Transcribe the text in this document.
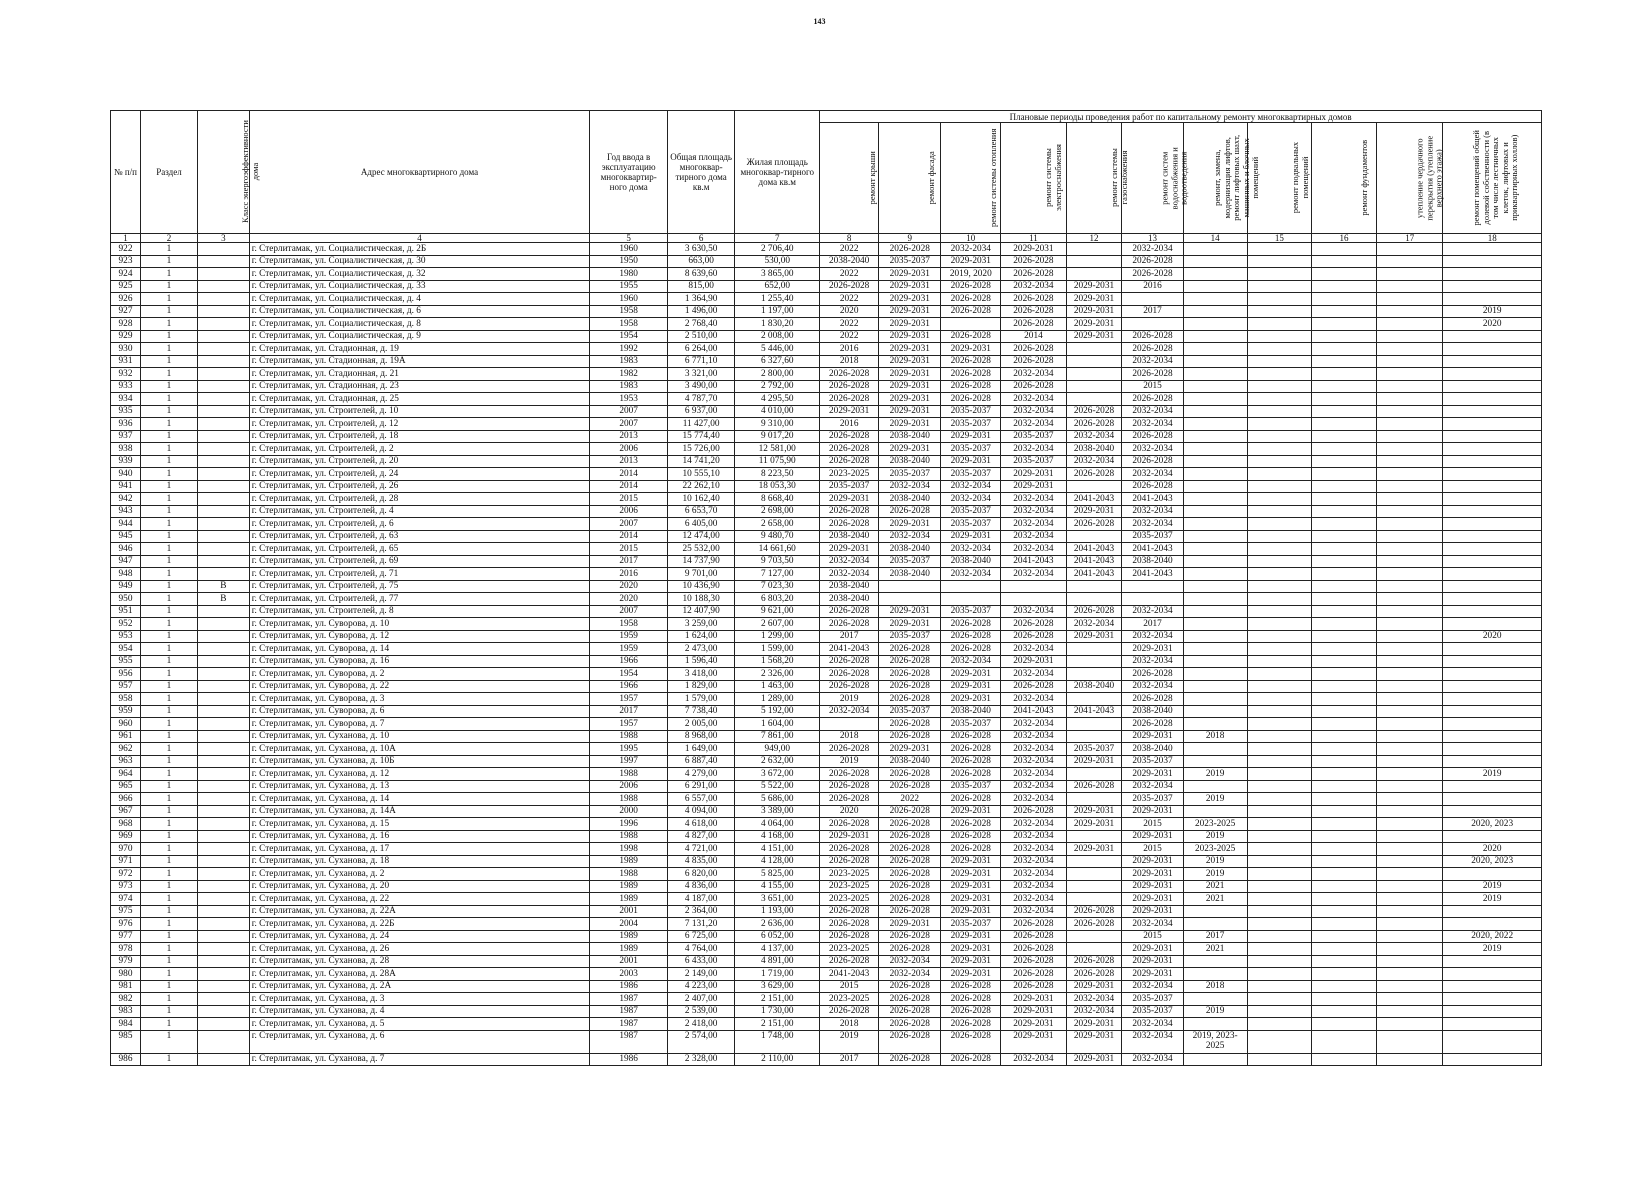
143
№ п/п	Раздел	Класс энергоэффективности дома	Адрес многоквартирного дома	Год ввода в эксплуатацию многоквартир-ного дома	Общая площадь многоквар-тирного дома кв.м	Жилая площадь многоквар-тирного дома кв.м	Плановые периоды проведения работ по капитальному ремонту многоквартирных домов										
							ремонт крыши	ремонт фасада	ремонт системы отопления	ремонт системы электроснабжения	ремонт системы газоснабжения	ремонт систем водоснабжения и водоотведения	ремонт, замена, модернизация лифтов, ремонт лифтовых шахт, машинных и блочных помещений	ремонт подвальных помещений	ремонт фундаментов	утепление чердачного перекрытия (утепление верхнего этажа)	ремонт помещений общей долевой собственности (в том числе лестничных клеток, лифтовых и приквартирных холлов)
1	2	3	4	5	6	7	8	9	10	11	12	13	14	15	16	17	18
922	1		г. Стерлитамак, ул. Социалистическая, д. 2Б	1960	3 630,50	2 706,40	2022	2026-2028	2032-2034	2029-2031		2032-2034					
923	1		г. Стерлитамак, ул. Социалистическая, д. 30	1950	663,00	530,00	2038-2040	2035-2037	2029-2031	2026-2028		2026-2028					
924	1		г. Стерлитамак, ул. Социалистическая, д. 32	1980	8 639,60	3 865,00	2022	2029-2031	2019, 2020	2026-2028		2026-2028					
925	1		г. Стерлитамак, ул. Социалистическая, д. 33	1955	815,00	652,00	2026-2028	2029-2031	2026-2028	2032-2034	2029-2031	2016					
926	1		г. Стерлитамак, ул. Социалистическая, д. 4	1960	1 364,90	1 255,40	2022	2029-2031	2026-2028	2026-2028	2029-2031						
927	1		г. Стерлитамак, ул. Социалистическая, д. 6	1958	1 496,00	1 197,00	2020	2029-2031	2026-2028	2026-2028	2029-2031	2017					2019
928	1		г. Стерлитамак, ул. Социалистическая, д. 8	1958	2 768,40	1 830,20	2022	2029-2031		2026-2028	2029-2031						2020
929	1		г. Стерлитамак, ул. Социалистическая, д. 9	1954	2 510,00	2 008,00	2022	2029-2031	2026-2028	2014	2029-2031	2026-2028					
930	1		г. Стерлитамак, ул. Стадионная, д. 19	1992	6 264,00	5 446,00	2016	2029-2031	2029-2031	2026-2028		2026-2028					
931	1		г. Стерлитамак, ул. Стадионная, д. 19А	1983	6 771,10	6 327,60	2018	2029-2031	2026-2028	2026-2028		2032-2034					
932	1		г. Стерлитамак, ул. Стадионная, д. 21	1982	3 321,00	2 800,00	2026-2028	2029-2031	2026-2028	2032-2034		2026-2028					
933	1		г. Стерлитамак, ул. Стадионная, д. 23	1983	3 490,00	2 792,00	2026-2028	2029-2031	2026-2028	2026-2028		2015					
934	1		г. Стерлитамак, ул. Стадионная, д. 25	1953	4 787,70	4 295,50	2026-2028	2029-2031	2026-2028	2032-2034		2026-2028					
935	1		г. Стерлитамак, ул. Строителей, д. 10	2007	6 937,00	4 010,00	2029-2031	2029-2031	2035-2037	2032-2034	2026-2028	2032-2034					
936	1		г. Стерлитамак, ул. Строителей, д. 12	2007	11 427,00	9 310,00	2016	2029-2031	2035-2037	2032-2034	2026-2028	2032-2034					
937	1		г. Стерлитамак, ул. Строителей, д. 18	2013	15 774,40	9 017,20	2026-2028	2038-2040	2029-2031	2035-2037	2032-2034	2026-2028					
938	1		г. Стерлитамак, ул. Строителей, д. 2	2006	15 726,00	12 581,00	2026-2028	2029-2031	2035-2037	2032-2034	2038-2040	2032-2034					
939	1		г. Стерлитамак, ул. Строителей, д. 20	2013	14 741,20	11 075,90	2026-2028	2038-2040	2029-2031	2035-2037	2032-2034	2026-2028					
940	1		г. Стерлитамак, ул. Строителей, д. 24	2014	10 555,10	8 223,50	2023-2025	2035-2037	2035-2037	2029-2031	2026-2028	2032-2034					
941	1		г. Стерлитамак, ул. Строителей, д. 26	2014	22 262,10	18 053,30	2035-2037	2032-2034	2032-2034	2029-2031		2026-2028					
942	1		г. Стерлитамак, ул. Строителей, д. 28	2015	10 162,40	8 668,40	2029-2031	2038-2040	2032-2034	2032-2034	2041-2043	2041-2043					
943	1		г. Стерлитамак, ул. Строителей, д. 4	2006	6 653,70	2 698,00	2026-2028	2026-2028	2035-2037	2032-2034	2029-2031	2032-2034					
944	1		г. Стерлитамак, ул. Строителей, д. 6	2007	6 405,00	2 658,00	2026-2028	2029-2031	2035-2037	2032-2034	2026-2028	2032-2034					
945	1		г. Стерлитамак, ул. Строителей, д. 63	2014	12 474,00	9 480,70	2038-2040	2032-2034	2029-2031	2032-2034		2035-2037					
946	1		г. Стерлитамак, ул. Строителей, д. 65	2015	25 532,00	14 661,60	2029-2031	2038-2040	2032-2034	2032-2034	2041-2043	2041-2043					
947	1		г. Стерлитамак, ул. Строителей, д. 69	2017	14 737,90	9 703,50	2032-2034	2035-2037	2038-2040	2041-2043	2041-2043	2038-2040					
948	1		г. Стерлитамак, ул. Строителей, д. 71	2016	9 701,00	7 127,00	2032-2034	2038-2040	2032-2034	2032-2034	2041-2043	2041-2043					
949	1	В	г. Стерлитамак, ул. Строителей, д. 75	2020	10 436,90	7 023,30	2038-2040										
950	1	В	г. Стерлитамак, ул. Строителей, д. 77	2020	10 188,30	6 803,20	2038-2040										
951	1		г. Стерлитамак, ул. Строителей, д. 8	2007	12 407,90	9 621,00	2026-2028	2029-2031	2035-2037	2032-2034	2026-2028	2032-2034					
952	1		г. Стерлитамак, ул. Суворова, д. 10	1958	3 259,00	2 607,00	2026-2028	2029-2031	2026-2028	2026-2028	2032-2034	2017					
953	1		г. Стерлитамак, ул. Суворова, д. 12	1959	1 624,00	1 299,00	2017	2035-2037	2026-2028	2026-2028	2029-2031	2032-2034					2020
954	1		г. Стерлитамак, ул. Суворова, д. 14	1959	2 473,00	1 599,00	2041-2043	2026-2028	2026-2028	2032-2034		2029-2031					
955	1		г. Стерлитамак, ул. Суворова, д. 16	1966	1 596,40	1 568,20	2026-2028	2026-2028	2032-2034	2029-2031		2032-2034					
956	1		г. Стерлитамак, ул. Суворова, д. 2	1954	3 418,00	2 326,00	2026-2028	2026-2028	2029-2031	2032-2034		2026-2028					
957	1		г. Стерлитамак, ул. Суворова, д. 22	1966	1 829,00	1 463,00	2026-2028	2026-2028	2029-2031	2026-2028	2038-2040	2032-2034					
958	1		г. Стерлитамак, ул. Суворова, д. 3	1957	1 579,00	1 289,00	2019	2026-2028	2029-2031	2032-2034		2026-2028					
959	1		г. Стерлитамак, ул. Суворова, д. 6	2017	7 738,40	5 192,00	2032-2034	2035-2037	2038-2040	2041-2043	2041-2043	2038-2040					
960	1		г. Стерлитамак, ул. Суворова, д. 7	1957	2 005,00	1 604,00		2026-2028	2035-2037	2032-2034		2026-2028					
961	1		г. Стерлитамак, ул. Суханова, д. 10	1988	8 968,00	7 861,00	2018	2026-2028	2026-2028	2032-2034		2029-2031	2018				
962	1		г. Стерлитамак, ул. Суханова, д. 10А	1995	1 649,00	949,00	2026-2028	2029-2031	2026-2028	2032-2034	2035-2037	2038-2040					
963	1		г. Стерлитамак, ул. Суханова, д. 10Б	1997	6 887,40	2 632,00	2019	2038-2040	2026-2028	2032-2034	2029-2031	2035-2037					
964	1		г. Стерлитамак, ул. Суханова, д. 12	1988	4 279,00	3 672,00	2026-2028	2026-2028	2026-2028	2032-2034		2029-2031	2019				2019
965	1		г. Стерлитамак, ул. Суханова, д. 13	2006	6 291,00	5 522,00	2026-2028	2026-2028	2035-2037	2032-2034	2026-2028	2032-2034					
966	1		г. Стерлитамак, ул. Суханова, д. 14	1988	6 557,00	5 686,00	2026-2028	2022	2026-2028	2032-2034		2035-2037	2019				
967	1		г. Стерлитамак, ул. Суханова, д. 14А	2000	4 094,00	3 389,00	2020	2026-2028	2029-2031	2026-2028	2029-2031	2029-2031					
968	1		г. Стерлитамак, ул. Суханова, д. 15	1996	4 618,00	4 064,00	2026-2028	2026-2028	2026-2028	2032-2034	2029-2031	2015	2023-2025				2020, 2023
969	1		г. Стерлитамак, ул. Суханова, д. 16	1988	4 827,00	4 168,00	2029-2031	2026-2028	2026-2028	2032-2034		2029-2031	2019				
970	1		г. Стерлитамак, ул. Суханова, д. 17	1998	4 721,00	4 151,00	2026-2028	2026-2028	2026-2028	2032-2034	2029-2031	2015	2023-2025				2020
971	1		г. Стерлитамак, ул. Суханова, д. 18	1989	4 835,00	4 128,00	2026-2028	2026-2028	2029-2031	2032-2034		2029-2031	2019				2020, 2023
972	1		г. Стерлитамак, ул. Суханова, д. 2	1988	6 820,00	5 825,00	2023-2025	2026-2028	2029-2031	2032-2034		2029-2031	2019				
973	1		г. Стерлитамак, ул. Суханова, д. 20	1989	4 836,00	4 155,00	2023-2025	2026-2028	2029-2031	2032-2034		2029-2031	2021				2019
974	1		г. Стерлитамак, ул. Суханова, д. 22	1989	4 187,00	3 651,00	2023-2025	2026-2028	2029-2031	2032-2034		2029-2031	2021				2019
975	1		г. Стерлитамак, ул. Суханова, д. 22А	2001	2 364,00	1 193,00	2026-2028	2026-2028	2029-2031	2032-2034	2026-2028	2029-2031					
976	1		г. Стерлитамак, ул. Суханова, д. 22Б	2004	7 131,20	2 636,00	2026-2028	2029-2031	2035-2037	2026-2028	2026-2028	2032-2034					
977	1		г. Стерлитамак, ул. Суханова, д. 24	1989	6 725,00	6 052,00	2026-2028	2026-2028	2029-2031	2026-2028		2015	2017				2020, 2022
978	1		г. Стерлитамак, ул. Суханова, д. 26	1989	4 764,00	4 137,00	2023-2025	2026-2028	2029-2031	2026-2028		2029-2031	2021				2019
979	1		г. Стерлитамак, ул. Суханова, д. 28	2001	6 433,00	4 891,00	2026-2028	2032-2034	2029-2031	2026-2028	2026-2028	2029-2031					
980	1		г. Стерлитамак, ул. Суханова, д. 28А	2003	2 149,00	1 719,00	2041-2043	2032-2034	2029-2031	2026-2028	2026-2028	2029-2031					
981	1		г. Стерлитамак, ул. Суханова, д. 2А	1986	4 223,00	3 629,00	2015	2026-2028	2026-2028	2026-2028	2029-2031	2032-2034	2018				
982	1		г. Стерлитамак, ул. Суханова, д. 3	1987	2 407,00	2 151,00	2023-2025	2026-2028	2026-2028	2029-2031	2032-2034	2035-2037					
983	1		г. Стерлитамак, ул. Суханова, д. 4	1987	2 539,00	1 730,00	2026-2028	2026-2028	2026-2028	2029-2031	2032-2034	2035-2037	2019				
984	1		г. Стерлитамак, ул. Суханова, д. 5	1987	2 418,00	2 151,00	2018	2026-2028	2026-2028	2029-2031	2029-2031	2032-2034					
985	1		г. Стерлитамак, ул. Суханова, д. 6	1987	2 574,00	1 748,00	2019	2026-2028	2026-2028	2029-2031	2029-2031	2032-2034	2019, 2023-2025				
986	1		г. Стерлитамак, ул. Суханова, д. 7	1986	2 328,00	2 110,00	2017	2026-2028	2026-2028	2032-2034	2029-2031	2032-2034					
